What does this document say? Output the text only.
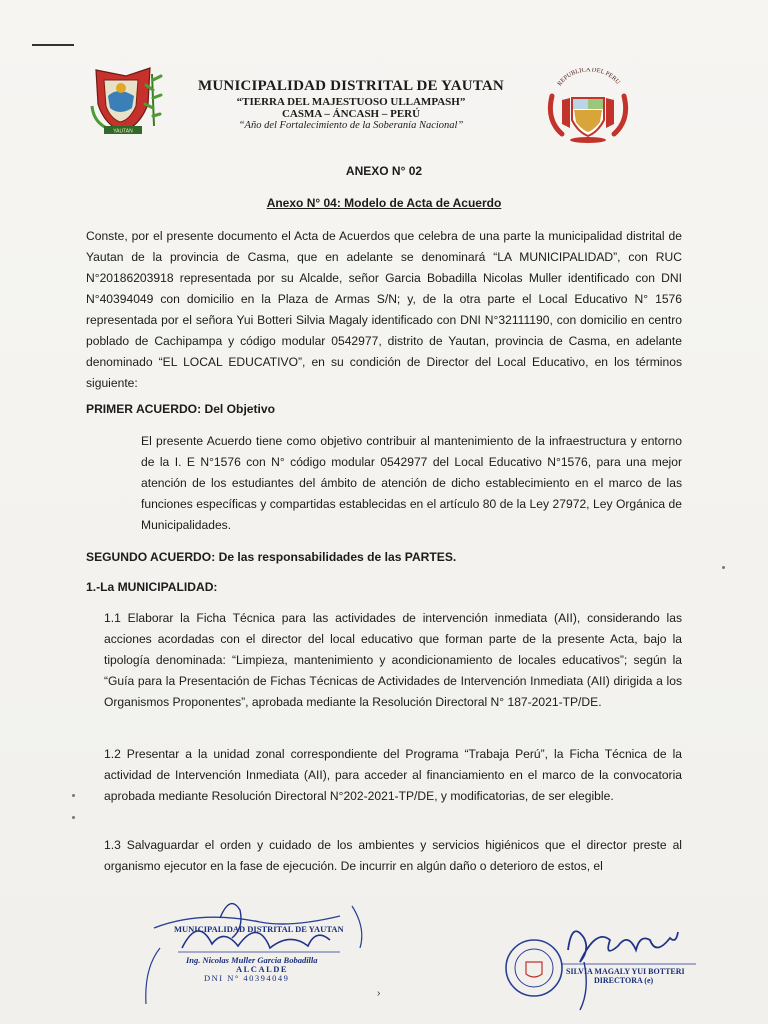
YAUTAN
MUNICIPALIDAD DISTRITAL DE YAUTAN
“TIERRA DEL MAJESTUOSO ULLAMPASH”
CASMA – ÁNCASH – PERÚ
“Año del Fortalecimiento de la Soberanía Nacional”
REPUBLICA DEL PERU
ANEXO N° 02
Anexo N° 04: Modelo de Acta de Acuerdo
Conste, por el presente documento el Acta de Acuerdos que celebra de una parte la municipalidad distrital de Yautan de la provincia de Casma, que en adelante se denominará “LA MUNICIPALIDAD”, con RUC N°20186203918 representada por su Alcalde, señor Garcia Bobadilla Nicolas Muller identificado con DNI N°40394049 con domicilio en la Plaza de Armas S/N; y, de la otra parte el Local Educativo N° 1576 representada por el señora Yui Botteri Silvia Magaly identificado con DNI N°32111190, con domicilio en centro poblado de Cachipampa y código modular 0542977, distrito de Yautan, provincia de Casma, en adelante denominado “EL LOCAL EDUCATIVO”, en su condición de Director del Local Educativo, en los términos siguiente:
PRIMER ACUERDO: Del Objetivo
El presente Acuerdo tiene como objetivo contribuir al mantenimiento de la infraestructura y entorno de la I. E N°1576 con N° código modular 0542977 del Local Educativo N°1576, para una mejor atención de los estudiantes del ámbito de atención de dicho establecimiento en el marco de las funciones específicas y compartidas establecidas en el artículo 80 de la Ley 27972, Ley Orgánica de Municipalidades.
SEGUNDO ACUERDO: De las responsabilidades de las PARTES.
1.-La MUNICIPALIDAD:
1.1 Elaborar la Ficha Técnica para las actividades de intervención inmediata (AII), considerando las acciones acordadas con el director del local educativo que forman parte de la presente Acta, bajo la tipología denominada: “Limpieza, mantenimiento y acondicionamiento de locales educativos”; según la “Guía para la Presentación de Fichas Técnicas de Actividades de Intervención Inmediata (AII) dirigida a los Organismos Proponentes”, aprobada mediante la Resolución Directoral N° 187-2021-TP/DE.
1.2 Presentar a la unidad zonal correspondiente del Programa “Trabaja Perú”, la Ficha Técnica de la actividad de Intervención Inmediata (AII), para acceder al financiamiento en el marco de la convocatoria aprobada mediante Resolución Directoral N°202-2021-TP/DE, y modificatorias, de ser elegible.
1.3 Salvaguardar el orden y cuidado de los ambientes y servicios higiénicos que el director preste al organismo ejecutor en la fase de ejecución. De incurrir en algún daño o deterioro de estos, el
MUNICIPALIDAD DISTRITAL DE YAUTAN
Ing. Nicolas Muller Garcia Bobadilla
ALCALDE
DNI N° 40394049
›
SILVIA MAGALY YUI BOTTERI
DIRECTORA (e)
